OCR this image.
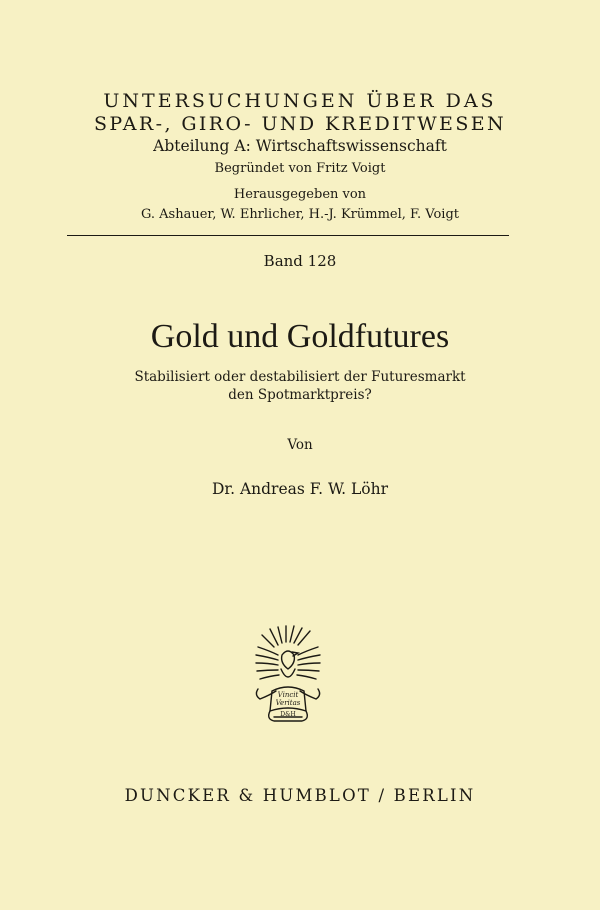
UNTERSUCHUNGEN ÜBER DAS
SPAR-, GIRO- UND KREDITWESEN
Abteilung A: Wirtschaftswissenschaft
Begründet von Fritz Voigt
Herausgegeben von
G. Ashauer, W. Ehrlicher, H.-J. Krümmel, F. Voigt
Band 128
Gold und Goldfutures
Stabilisiert oder destabilisiert der Futuresmarkt
den Spotmarktpreis?
Von
Dr. Andreas F. W. Löhr
Vincit
Veritas
D&H
DUNCKER & HUMBLOT / BERLIN
